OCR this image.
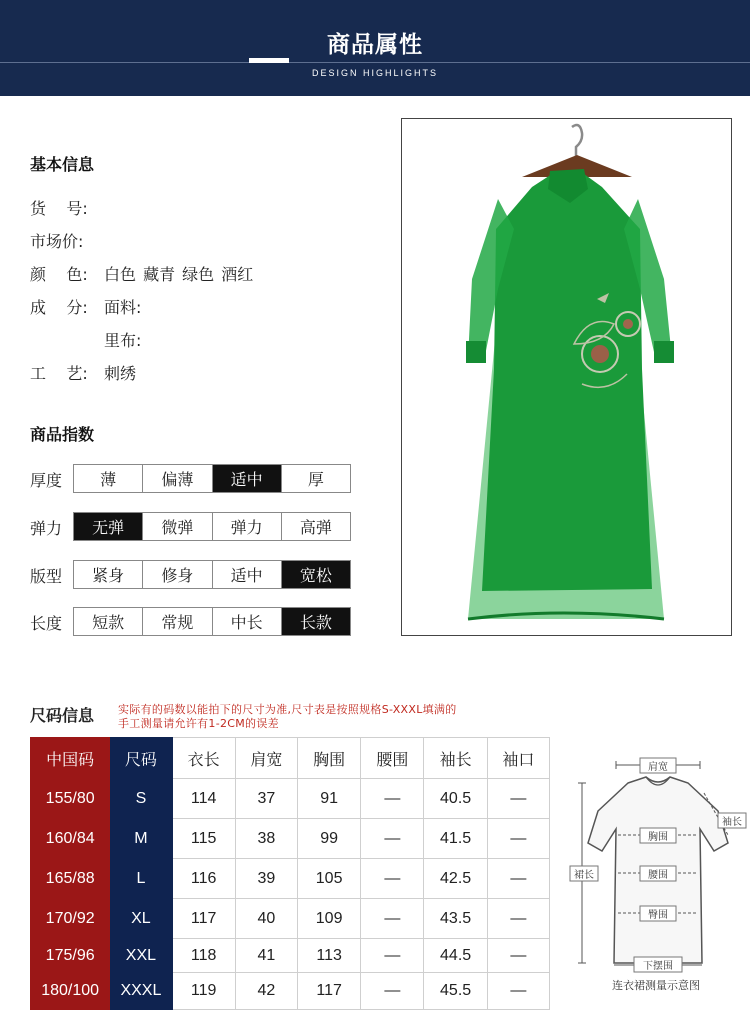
商品属性
DESIGN HIGHLIGHTS
基本信息
货    号:
市场价:
颜    色: 白色 藏青 绿色 酒红
成    分: 面料:
里布:
工    艺: 刺绣
商品指数
厚度	薄	偏薄	适中	厚
弹力	无弹	微弹	弹力	高弹
版型	紧身	修身	适中	宽松
长度	短款	常规	中长	长款
尺码信息 实际有的码数以能拍下的尺寸为准,尺寸表是按照规格S-XXXL填满的
手工测量请允许有1-2CM的误差
中国码	尺码	衣长	肩宽	胸围	腰围	袖长	袖口
155/80	S	114	37	91	—	40.5	—
160/84	M	115	38	99	—	41.5	—
165/88	L	116	39	105	—	42.5	—
170/92	XL	117	40	109	—	43.5	—
175/96	XXL	118	41	113	—	44.5	—
180/100	XXXL	119	42	117	—	45.5	—
肩宽
袖长
胸围
腰围
臀围
裙长
下摆围
连衣裙测量示意图
